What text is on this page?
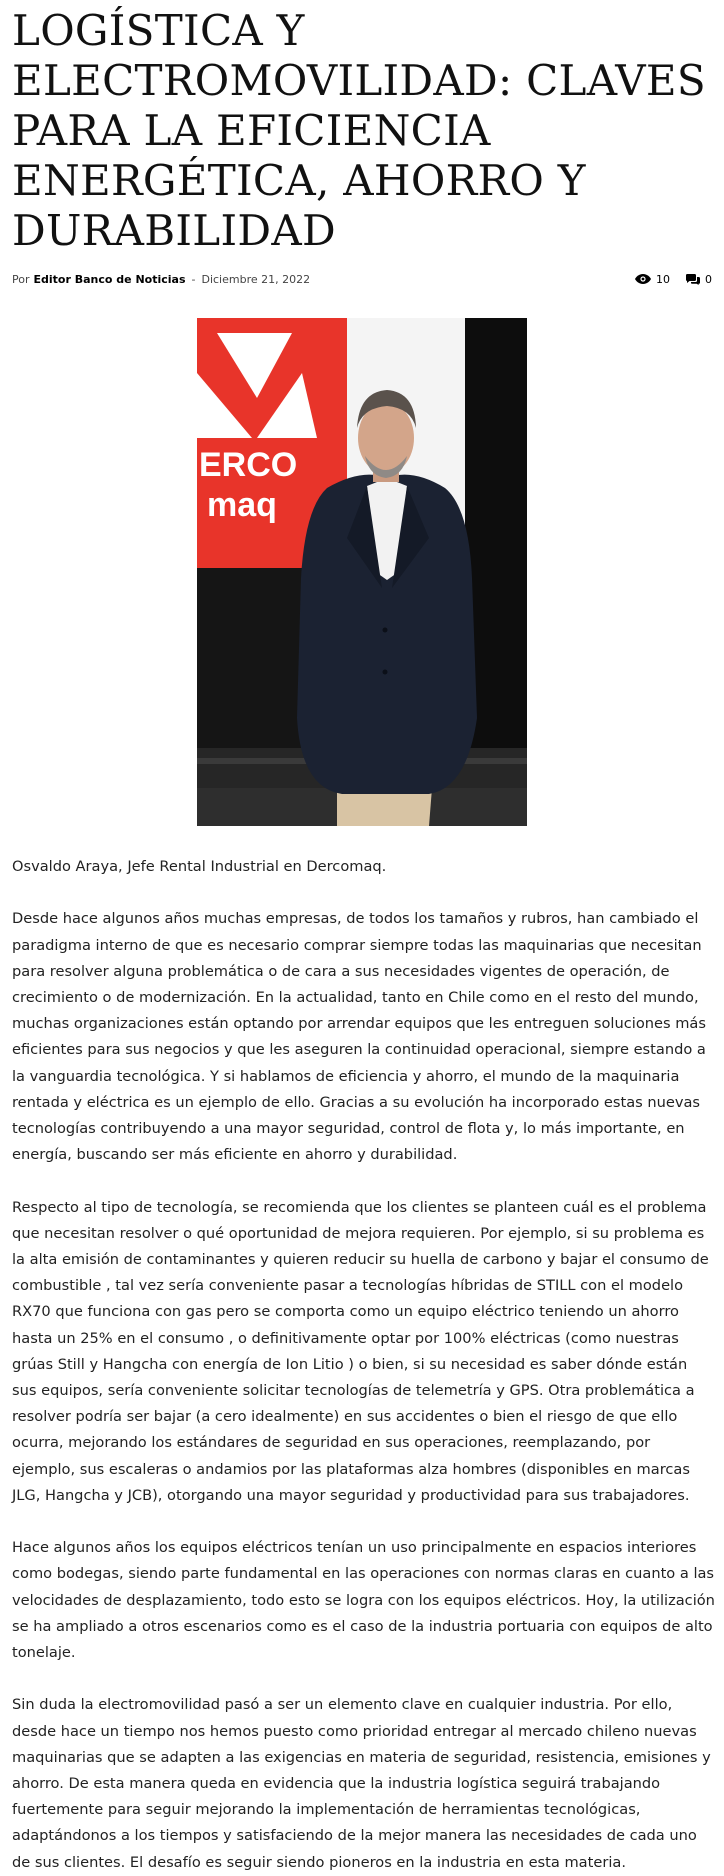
LOGÍSTICA Y ELECTROMOVILIDAD: CLAVES PARA LA EFICIENCIA ENERGÉTICA, AHORRO Y DURABILIDAD
Por Editor Banco de Noticias - Diciembre 21, 2022	10	0
ERCO
maq

Osvaldo Araya, Jefe Rental Industrial en Dercomaq.

Desde hace algunos años muchas empresas, de todos los tamaños y rubros, han cambiado el paradigma interno de que es necesario comprar siempre todas las maquinarias que necesitan para resolver alguna problemática o de cara a sus necesidades vigentes de operación, de crecimiento o de modernización. En la actualidad, tanto en Chile como en el resto del mundo, muchas organizaciones están optando por arrendar equipos que les entreguen soluciones más eficientes para sus negocios y que les aseguren la continuidad operacional, siempre estando a la vanguardia tecnológica. Y si hablamos de eficiencia y ahorro, el mundo de la maquinaria rentada y eléctrica es un ejemplo de ello. Gracias a su evolución ha incorporado estas nuevas tecnologías contribuyendo a una mayor seguridad, control de flota y, lo más importante, en energía, buscando ser más eficiente en ahorro y durabilidad.

Respecto al tipo de tecnología, se recomienda que los clientes se planteen cuál es el problema que necesitan resolver o qué oportunidad de mejora requieren. Por ejemplo, si su problema es la alta emisión de contaminantes y quieren reducir su huella de carbono y bajar el consumo de combustible , tal vez sería conveniente pasar a tecnologías híbridas de STILL con el modelo RX70 que funciona con gas pero se comporta como un equipo eléctrico teniendo un ahorro hasta un 25% en el consumo , o definitivamente optar por 100% eléctricas (como nuestras grúas Still y Hangcha con energía de Ion Litio ) o bien, si su necesidad es saber dónde están sus equipos, sería conveniente solicitar tecnologías de telemetría y GPS. Otra problemática a resolver podría ser bajar (a cero idealmente) en sus accidentes o bien el riesgo de que ello ocurra, mejorando los estándares de seguridad en sus operaciones, reemplazando, por ejemplo, sus escaleras o andamios por las plataformas alza hombres (disponibles en marcas JLG, Hangcha y JCB), otorgando una mayor seguridad y productividad para sus trabajadores.

Hace algunos años los equipos eléctricos tenían un uso principalmente en espacios interiores como bodegas, siendo parte fundamental en las operaciones con normas claras en cuanto a las velocidades de desplazamiento, todo esto se logra con los equipos eléctricos. Hoy, la utilización se ha ampliado a otros escenarios como es el caso de la industria portuaria con equipos de alto tonelaje.

Sin duda la electromovilidad pasó a ser un elemento clave en cualquier industria. Por ello, desde hace un tiempo nos hemos puesto como prioridad entregar al mercado chileno nuevas maquinarias que se adapten a las exigencias en materia de seguridad, resistencia, emisiones y ahorro. De esta manera queda en evidencia que la industria logística seguirá trabajando fuertemente para seguir mejorando la implementación de herramientas tecnológicas, adaptándonos a los tiempos y satisfaciendo de la mejor manera las necesidades de cada uno de sus clientes. El desafío es seguir siendo pioneros en la industria en esta materia.
